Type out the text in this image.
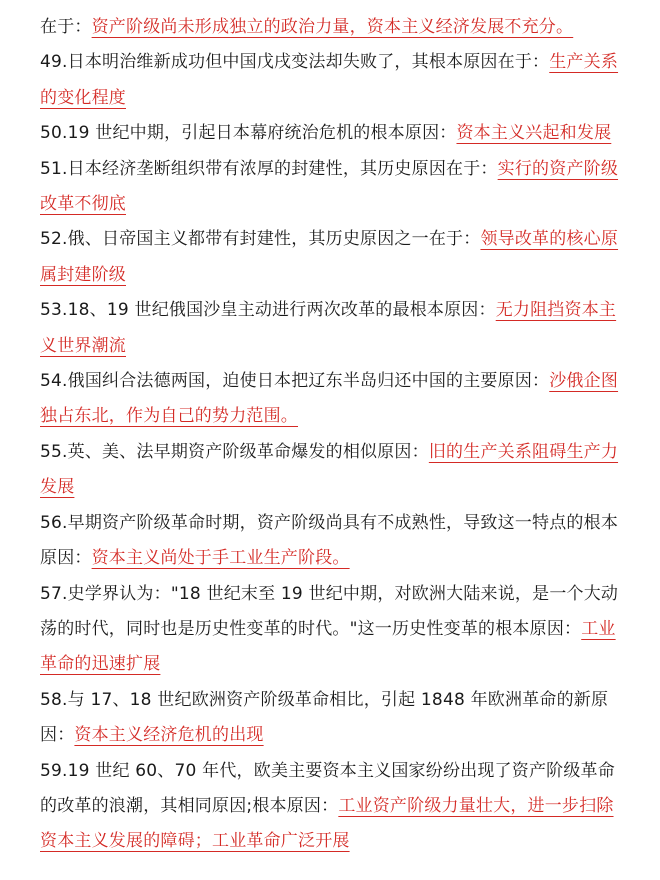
在于：资产阶级尚未形成独立的政治力量，资本主义经济发展不充分。
49.日本明治维新成功但中国戊戌变法却失败了，其根本原因在于：生产关系的变化程度
50.19 世纪中期，引起日本幕府统治危机的根本原因：资本主义兴起和发展
51.日本经济垄断组织带有浓厚的封建性，其历史原因在于：实行的资产阶级改革不彻底
52.俄、日帝国主义都带有封建性，其历史原因之一在于：领导改革的核心原属封建阶级
53.18、19 世纪俄国沙皇主动进行两次改革的最根本原因：无力阻挡资本主义世界潮流
54.俄国纠合法德两国，迫使日本把辽东半岛归还中国的主要原因：沙俄企图独占东北，作为自己的势力范围。
55.英、美、法早期资产阶级革命爆发的相似原因：旧的生产关系阻碍生产力发展
56.早期资产阶级革命时期，资产阶级尚具有不成熟性，导致这一特点的根本原因：资本主义尚处于手工业生产阶段。
57.史学界认为："18 世纪末至 19 世纪中期，对欧洲大陆来说，是一个大动荡的时代，同时也是历史性变革的时代。"这一历史性变革的根本原因：工业革命的迅速扩展
58.与 17、18 世纪欧洲资产阶级革命相比，引起 1848 年欧洲革命的新原因：资本主义经济危机的出现
59.19 世纪 60、70 年代，欧美主要资本主义国家纷纷出现了资产阶级革命的改革的浪潮，其相同原因;根本原因：工业资产阶级力量壮大，进一步扫除资本主义发展的障碍；工业革命广泛开展
